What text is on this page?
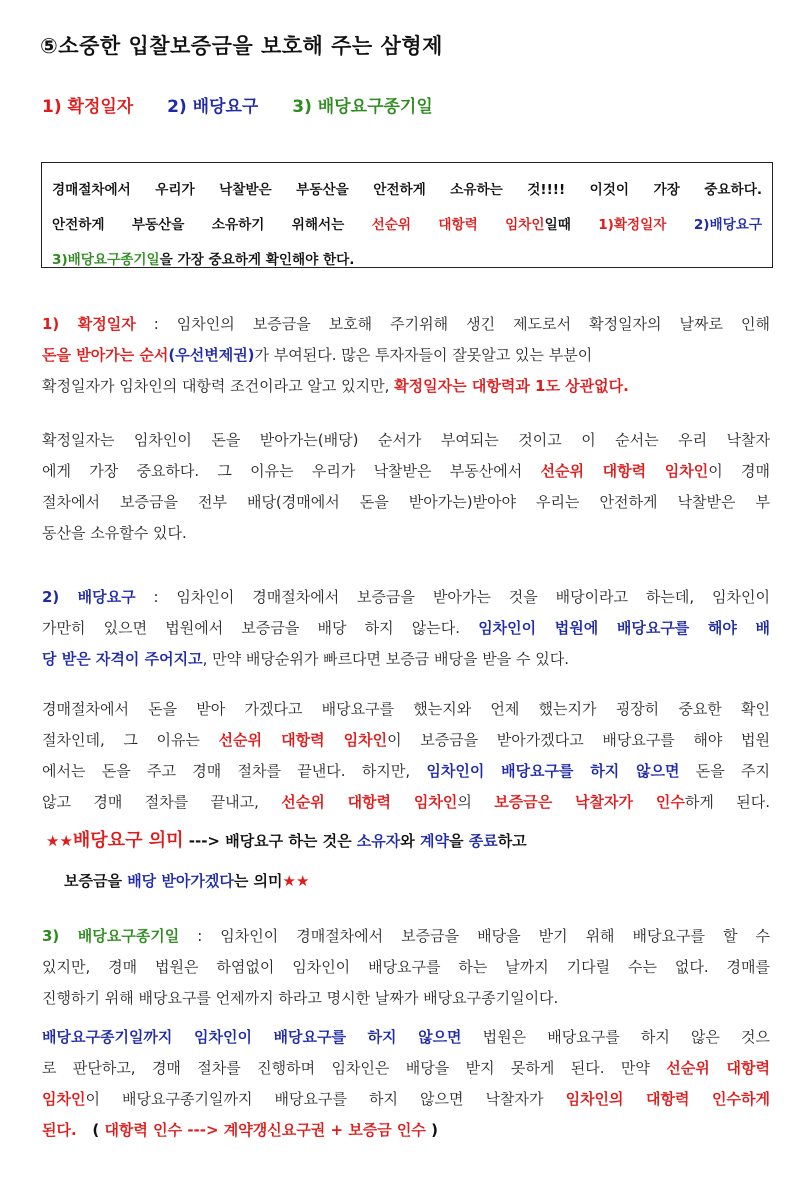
⑤소중한 입찰보증금을 보호해 주는 삼형제
1) 확정일자 2) 배당요구 3) 배당요구종기일

경매절차에서 우리가 낙찰받은 부동산을 안전하게 소유하는 것!!!! 이것이 가장 중요하다.

안전하게 부동산을 소유하기 위해서는 선순위 대항력 임차인일때 1)확정일자 2)배당요구

3)배당요구종기일을 가장 중요하게 확인해야 한다.

1) 확정일자 : 임차인의 보증금을 보호해 주기위해 생긴 제도로서 확정일자의 날짜로 인해

돈을 받아가는 순서(우선변제권)가 부여된다. 많은 투자자들이 잘못알고 있는 부분이

확정일자가 임차인의 대항력 조건이라고 알고 있지만, 확정일자는 대항력과 1도 상관없다.

확정일자는 임차인이 돈을 받아가는(배당) 순서가 부여되는 것이고 이 순서는 우리 낙찰자

에게 가장 중요하다. 그 이유는 우리가 낙찰받은 부동산에서 선순위 대항력 임차인이 경매

절차에서 보증금을 전부 배당(경매에서 돈을 받아가는)받아야 우리는 안전하게 낙찰받은 부

동산을 소유할수 있다.

2) 배당요구 : 임차인이 경매절차에서 보증금을 받아가는 것을 배당이라고 하는데, 임차인이

가만히 있으면 법원에서 보증금을 배당 하지 않는다. 임차인이 법원에 배당요구를 해야 배

당 받은 자격이 주어지고, 만약 배당순위가 빠르다면 보증금 배당을 받을 수 있다.

경매절차에서 돈을 받아 가겠다고 배당요구를 했는지와 언제 했는지가 굉장히 중요한 확인

절차인데, 그 이유는 선순위 대항력 임차인이 보증금을 받아가겠다고 배당요구를 해야 법원

에서는 돈을 주고 경매 절차를 끝낸다. 하지만, 임차인이 배당요구를 하지 않으면 돈을 주지

않고 경매 절차를 끝내고, 선순위 대항력 임차인의 보증금은 낙찰자가 인수하게 된다.

★★배당요구 의미 ---> 배당요구 하는 것은 소유자와 계약을 종료하고

보증금을 배당 받아가겠다는 의미★★

3) 배당요구종기일 : 임차인이 경매절차에서 보증금을 배당을 받기 위해 배당요구를 할 수

있지만, 경매 법원은 하염없이 임차인이 배당요구를 하는 날까지 기다릴 수는 없다. 경매를

진행하기 위해 배당요구를 언제까지 하라고 명시한 날짜가 배당요구종기일이다.

배당요구종기일까지 임차인이 배당요구를 하지 않으면 법원은 배당요구를 하지 않은 것으

로 판단하고, 경매 절차를 진행하며 임차인은 배당을 받지 못하게 된다. 만약 선순위 대항력

임차인이 배당요구종기일까지 배당요구를 하지 않으면 낙찰자가 임차인의 대항력 인수하게

된다.   ( 대항력 인수 ---> 계약갱신요구권 + 보증금 인수 )
